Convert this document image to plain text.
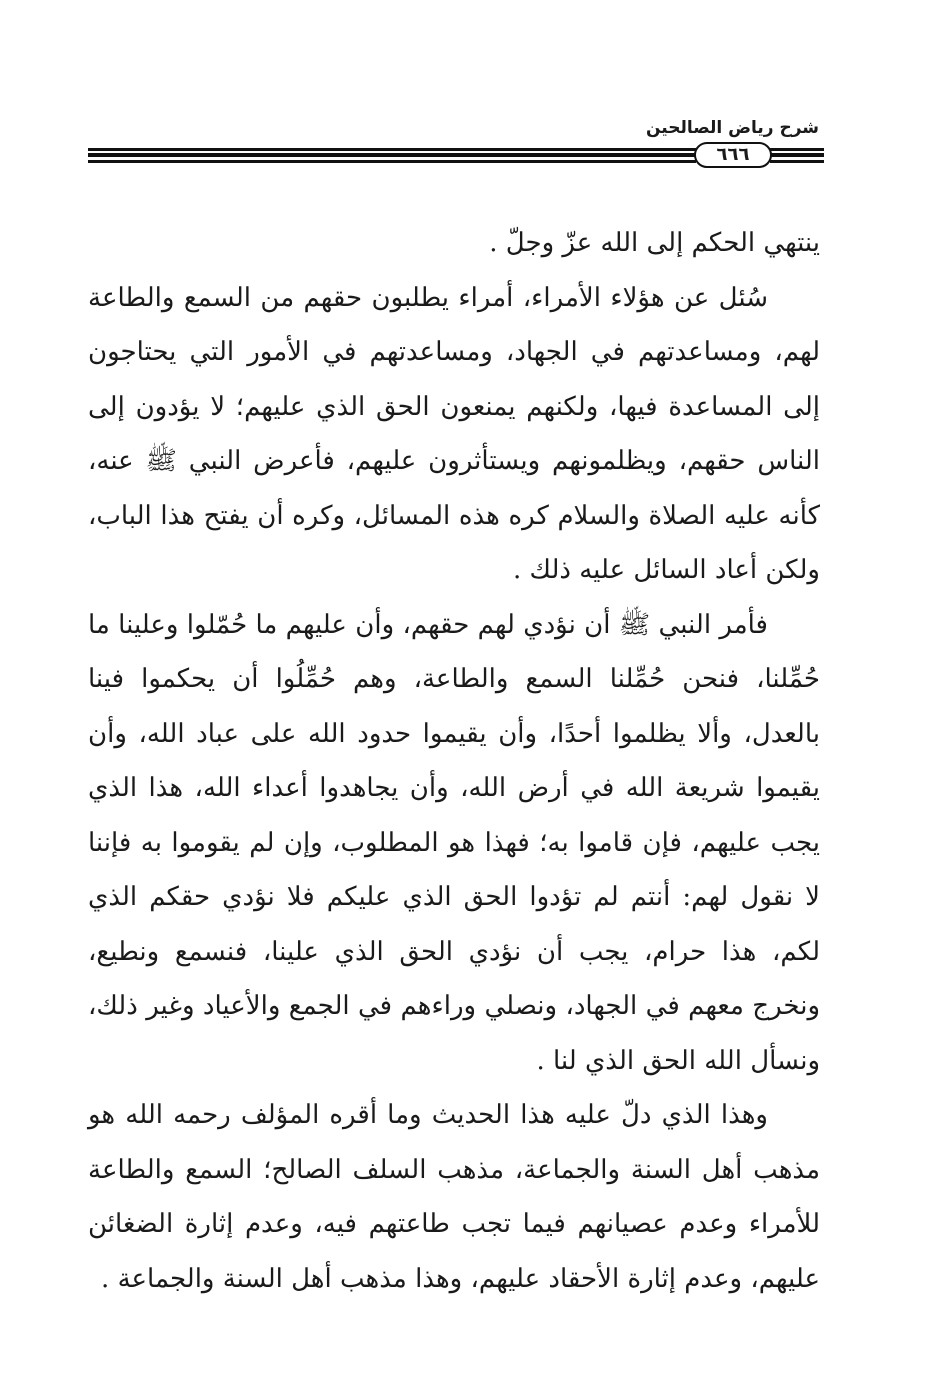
شرح رياض الصالحين
٦٦٦

ينتهي الحكم إلى الله عزّ وجلّ .

سُئل عن هؤلاء الأمراء، أمراء يطلبون حقهم من السمع والطاعة لهم، ومساعدتهم في الجهاد، ومساعدتهم في الأمور التي يحتاجون إلى المساعدة فيها، ولكنهم يمنعون الحق الذي عليهم؛ لا يؤدون إلى الناس حقهم، ويظلمونهم ويستأثرون عليهم، فأعرض النبي ﷺ عنه، كأنه عليه الصلاة والسلام كره هذه المسائل، وكره أن يفتح هذا الباب، ولكن أعاد السائل عليه ذلك .

فأمر النبي ﷺ أن نؤدي لهم حقهم، وأن عليهم ما حُمّلوا وعلينا ما حُمِّلنا، فنحن حُمِّلنا السمع والطاعة، وهم حُمِّلُوا أن يحكموا فينا بالعدل، وألا يظلموا أحدًا، وأن يقيموا حدود الله على عباد الله، وأن يقيموا شريعة الله في أرض الله، وأن يجاهدوا أعداء الله، هذا الذي يجب عليهم، فإن قاموا به؛ فهذا هو المطلوب، وإن لم يقوموا به فإننا لا نقول لهم: أنتم لم تؤدوا الحق الذي عليكم فلا نؤدي حقكم الذي لكم، هذا حرام، يجب أن نؤدي الحق الذي علينا، فنسمع ونطيع، ونخرج معهم في الجهاد، ونصلي وراءهم في الجمع والأعياد وغير ذلك، ونسأل الله الحق الذي لنا .

وهذا الذي دلّ عليه هذا الحديث وما أقره المؤلف رحمه الله هو مذهب أهل السنة والجماعة، مذهب السلف الصالح؛ السمع والطاعة للأمراء وعدم عصيانهم فيما تجب طاعتهم فيه، وعدم إثارة الضغائن عليهم، وعدم إثارة الأحقاد عليهم، وهذا مذهب أهل السنة والجماعة .
